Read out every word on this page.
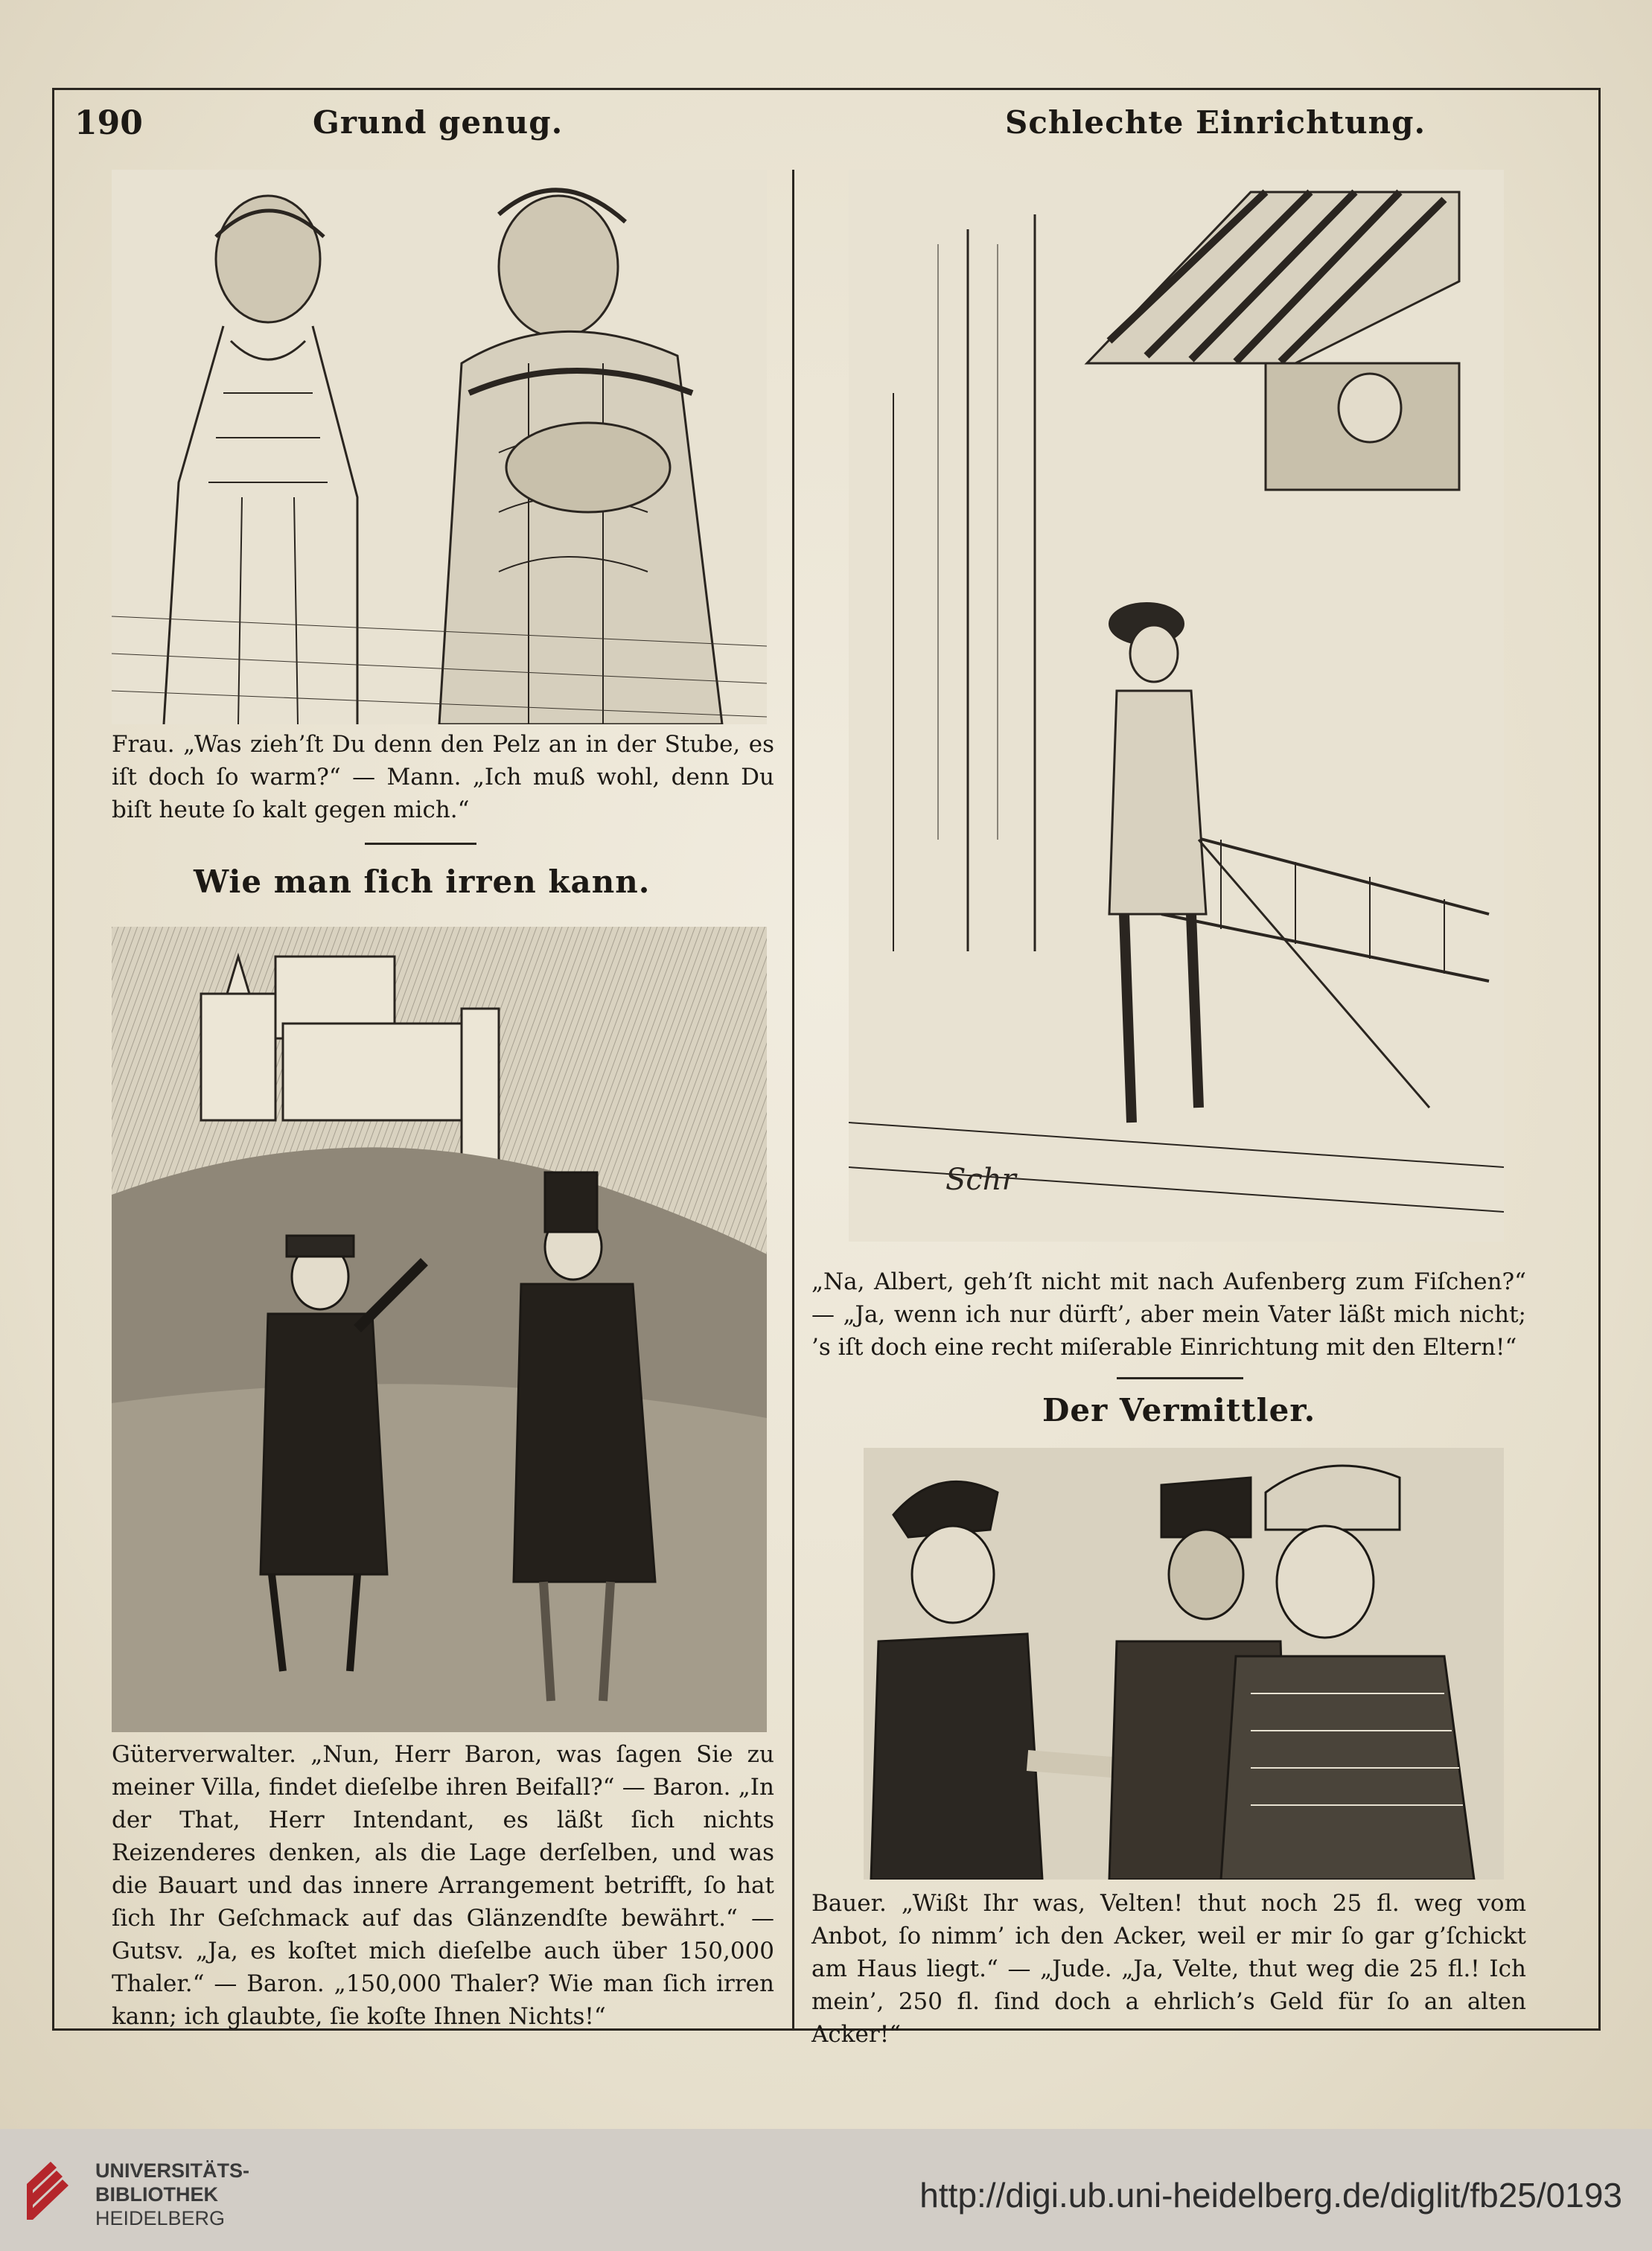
190	Grund genug.

Frau. „Was zieh’ſt Du denn den Pelz an in der Stube, es iſt doch ſo warm?“ — Mann. „Ich muß wohl, denn Du biſt heute ſo kalt gegen mich.“

Wie man ſich irren kann.

Güterverwalter. „Nun, Herr Baron, was ſagen Sie zu meiner Villa, findet dieſelbe ihren Beifall?“ — Baron. „In der That, Herr Intendant, es läßt ſich nichts Reizenderes denken, als die Lage derſelben, und was die Bauart und das innere Arrangement betrifft, ſo hat ſich Ihr Geſchmack auf das Glänzendſte bewährt.“ — Gutsv. „Ja, es koſtet mich dieſelbe auch über 150,000 Thaler.“ — Baron. „150,000 Thaler? Wie man ſich irren kann; ich glaubte, ſie koſte Ihnen Nichts!“

Schlechte Einrichtung.
Schr

„Na, Albert, geh’ſt nicht mit nach Aufenberg zum Fiſchen?“ — „Ja, wenn ich nur dürft’, aber mein Vater läßt mich nicht; ’s iſt doch eine recht miſerable Einrichtung mit den Eltern!“

Der Vermittler.

Bauer. „Wißt Ihr was, Velten! thut noch 25 fl. weg vom Anbot, ſo nimm’ ich den Acker, weil er mir ſo gar g’ſchickt am Haus liegt.“ — „Jude. „Ja, Velte, thut weg die 25 fl.! Ich mein’, 250 fl. ſind doch a ehrlich’s Geld für ſo an alten Acker!“

UNIVERSITÄTS-
BIBLIOTHEK
HEIDELBERG
http://digi.ub.uni-heidelberg.de/diglit/fb25/0193
